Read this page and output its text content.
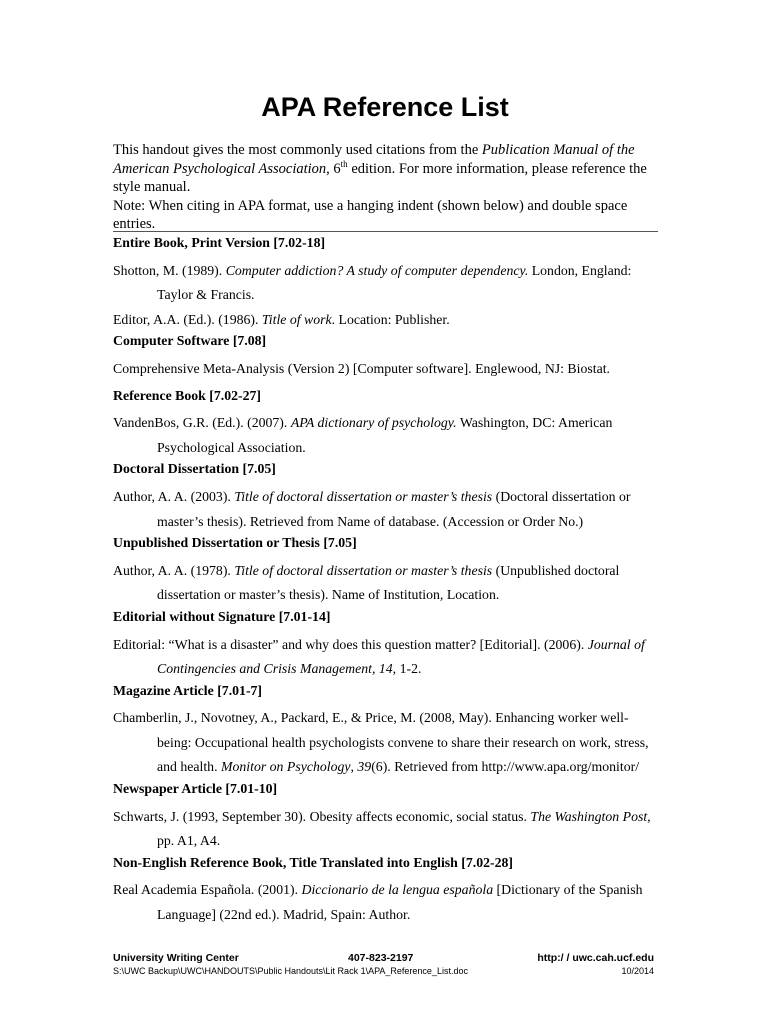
APA Reference List

This handout gives the most commonly used citations from the Publication Manual of the American Psychological Association, 6th edition. For more information, please reference the style manual.

Note: When citing in APA format, use a hanging indent (shown below) and double space entries.

Entire Book, Print Version [7.02-18]

Shotton, M. (1989). Computer addiction? A study of computer dependency. London, England: Taylor & Francis.

Editor, A.A. (Ed.). (1986). Title of work. Location: Publisher.

Computer Software [7.08]

Comprehensive Meta-Analysis (Version 2) [Computer software]. Englewood, NJ: Biostat.

Reference Book [7.02-27]

VandenBos, G.R. (Ed.). (2007). APA dictionary of psychology. Washington, DC: American Psychological Association.

Doctoral Dissertation [7.05]

Author, A. A. (2003). Title of doctoral dissertation or master’s thesis (Doctoral dissertation or master’s thesis). Retrieved from Name of database. (Accession or Order No.)

Unpublished Dissertation or Thesis [7.05]

Author, A. A. (1978). Title of doctoral dissertation or master’s thesis (Unpublished doctoral dissertation or master’s thesis). Name of Institution, Location.

Editorial without Signature [7.01-14]

Editorial: “What is a disaster” and why does this question matter? [Editorial]. (2006). Journal of Contingencies and Crisis Management, 14, 1-2.

Magazine Article [7.01-7]

Chamberlin, J., Novotney, A., Packard, E., & Price, M. (2008, May). Enhancing worker well-being: Occupational health psychologists convene to share their research on work, stress, and health. Monitor on Psychology, 39(6). Retrieved from http://www.apa.org/monitor/

Newspaper Article [7.01-10]

Schwarts, J. (1993, September 30). Obesity affects economic, social status. The Washington Post, pp. A1, A4.

Non-English Reference Book, Title Translated into English [7.02-28]

Real Academia Española. (2001). Diccionario de la lengua española [Dictionary of the Spanish Language] (22nd ed.). Madrid, Spain: Author.

University Writing Center	407-823-2197	http:/ / uwc.cah.ucf.edu
S:\UWC Backup\UWC\HANDOUTS\Public Handouts\Lit Rack 1\APA_Reference_List.doc	10/2014
